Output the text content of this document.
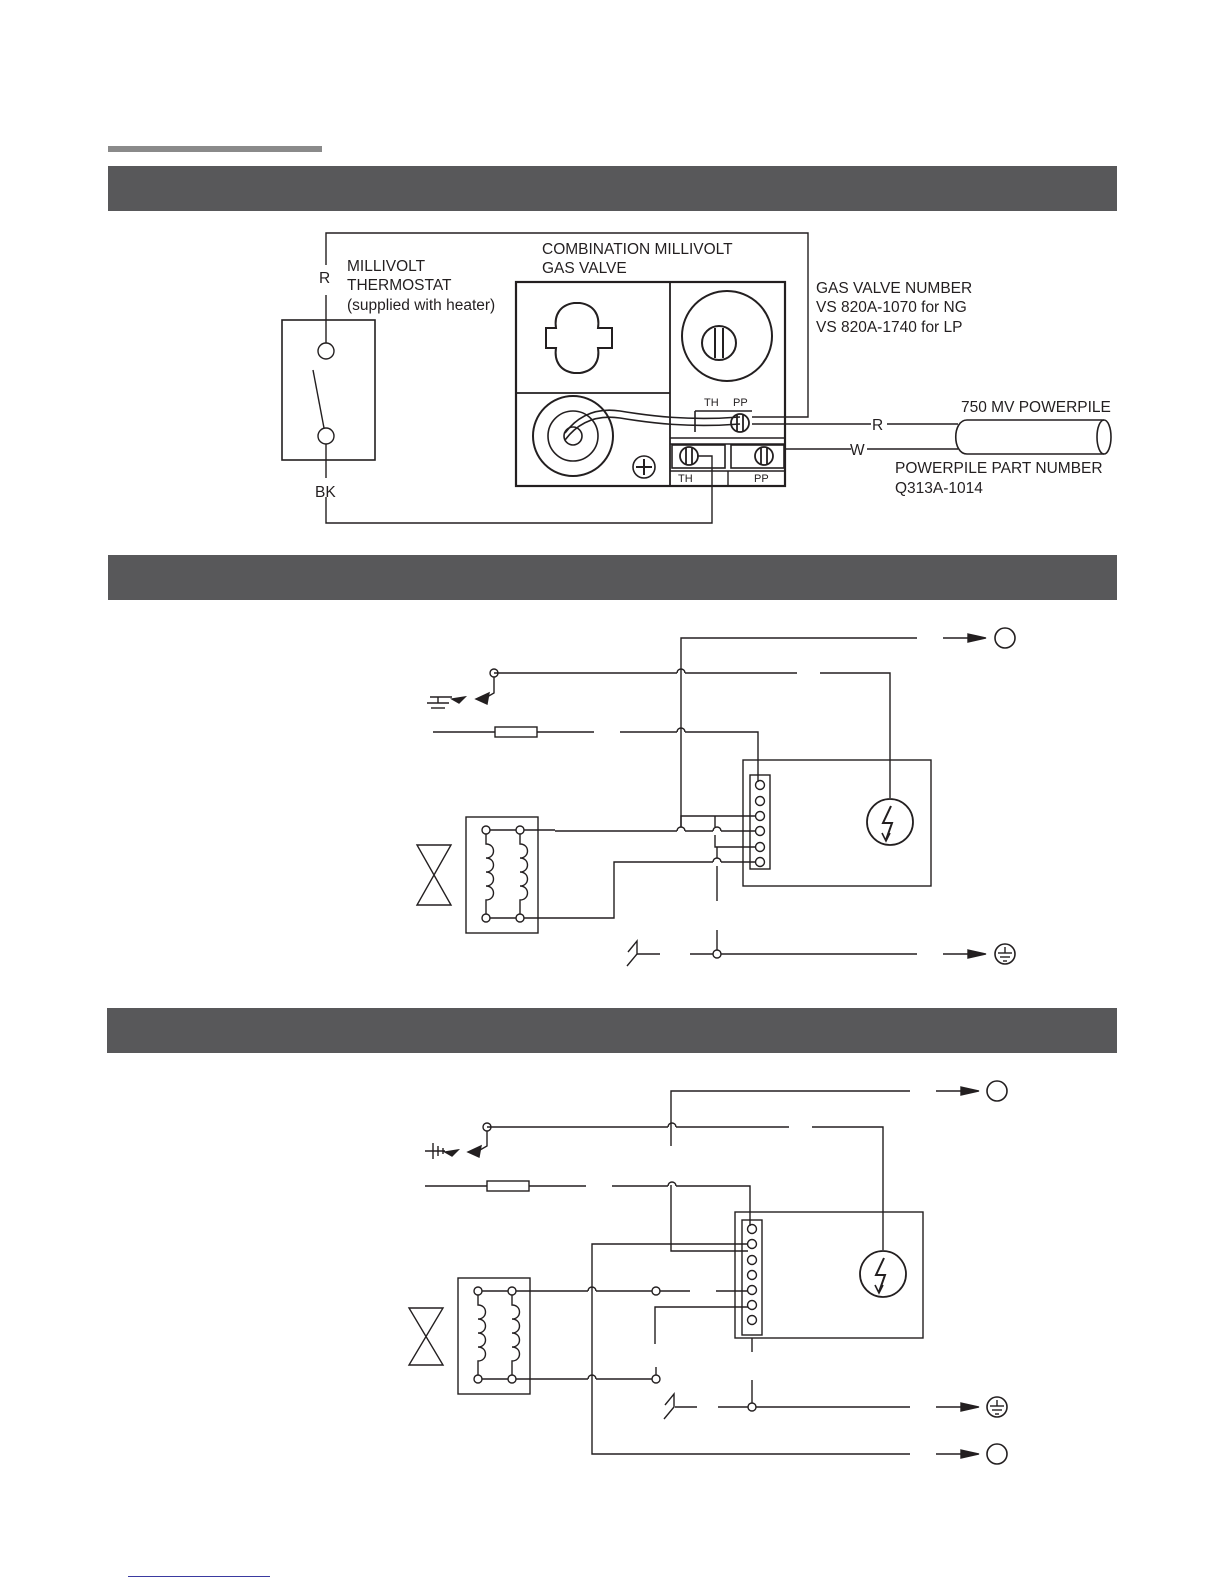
R
BK
MILLIVOLT
THERMOSTAT
(supplied with heater)
TH PP
TH	PP
COMBINATION MILLIVOLT
GAS VALVE
GAS VALVE NUMBER
VS 820A-1070 for NG
VS 820A-1740 for LP
R
W
750 MV POWERPILE
POWERPILE PART NUMBER
Q313A-1014
